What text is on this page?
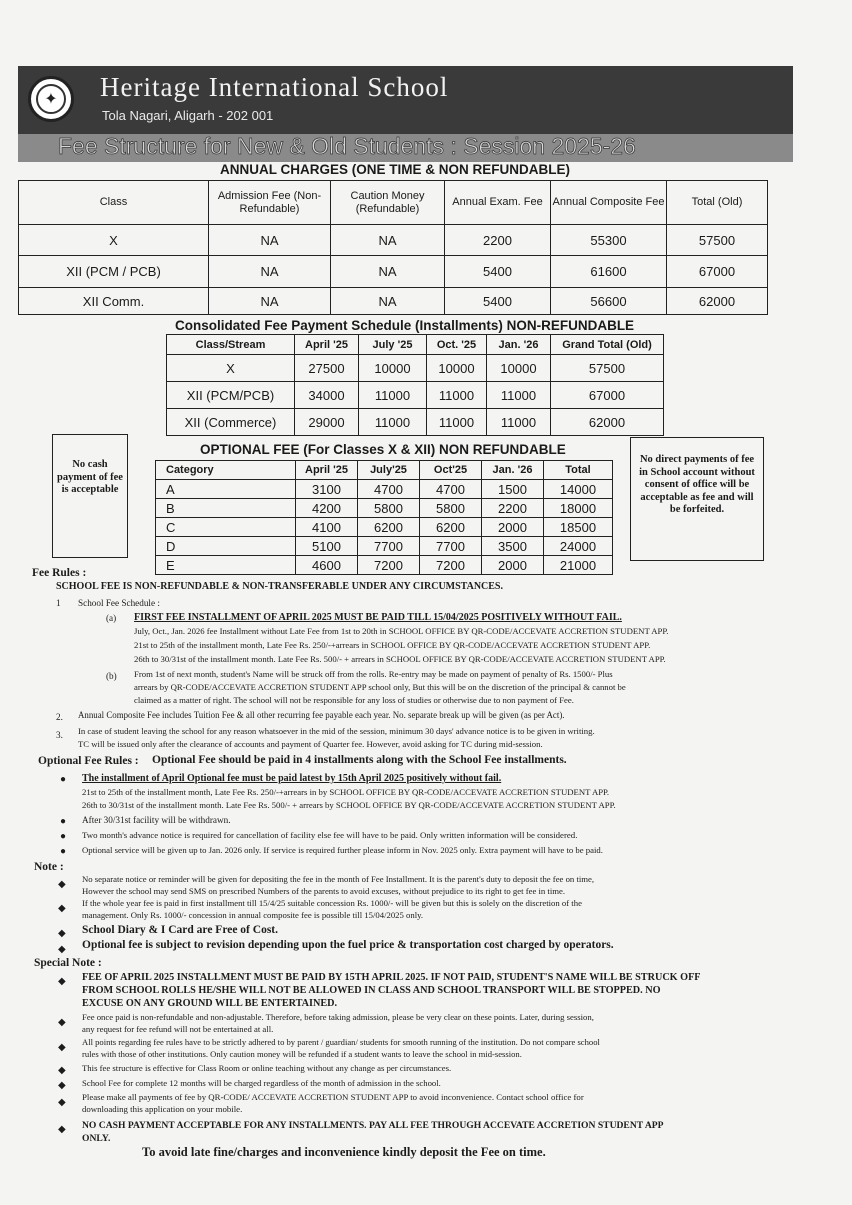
✦	Heritage International School
Tola Nagari, Aligarh - 202 001
Fee Structure for New & Old Students : Session 2025-26
ANNUAL CHARGES (ONE TIME & NON REFUNDABLE)
Class	Admission Fee (Non-Refundable)	Caution Money (Refundable)	Annual Exam. Fee	Annual Composite Fee	Total (Old)
X	NA	NA	2200	55300	57500
XII (PCM / PCB)	NA	NA	5400	61600	67000
XII Comm.	NA	NA	5400	56600	62000
Consolidated Fee Payment Schedule (Installments) NON-REFUNDABLE
Class/Stream	April '25	July '25	Oct. '25	Jan. '26	Grand Total (Old)
X	27500	10000	10000	10000	57500
XII (PCM/PCB)	34000	11000	11000	11000	67000
XII (Commerce)	29000	11000	11000	11000	62000
No cash payment of fee is acceptable
No direct payments of fee in School account without consent of office will be acceptable as fee and will be forfeited.
OPTIONAL FEE (For Classes X & XII) NON REFUNDABLE
Category	April '25	July'25	Oct'25	Jan. '26	Total
A	3100	4700	4700	1500	14000
B	4200	5800	5800	2200	18000
C	4100	6200	6200	2000	18500
D	5100	7700	7700	3500	24000
E	4600	7200	7200	2000	21000
Fee Rules :
SCHOOL FEE IS NON-REFUNDABLE & NON-TRANSFERABLE UNDER ANY CIRCUMSTANCES.
1 School Fee Schedule :
(a) FIRST FEE INSTALLMENT OF APRIL 2025 MUST BE PAID TILL 15/04/2025 POSITIVELY WITHOUT FAIL.
July, Oct., Jan. 2026 fee Installment without Late Fee from 1st to 20th in SCHOOL OFFICE BY QR-CODE/ACCEVATE ACCRETION STUDENT APP.
21st to 25th of the installment month, Late Fee Rs. 250/-+arrears in SCHOOL OFFICE BY QR-CODE/ACCEVATE ACCRETION STUDENT APP.
26th to 30/31st of the installment month. Late Fee Rs. 500/- + arrears in SCHOOL OFFICE BY QR-CODE/ACCEVATE ACCRETION STUDENT APP.
(b) From 1st of next month, student's Name will be struck off from the rolls. Re-entry may be made on payment of penalty of Rs. 1500/- Plus
arrears by QR-CODE/ACCEVATE ACCRETION STUDENT APP school only, But this will be on the discretion of the principal & cannot be
claimed as a matter of right. The school will not be responsible for any loss of studies or otherwise due to non payment of Fee.
2. Annual Composite Fee includes Tuition Fee & all other recurring fee payable each year. No. separate break up will be given (as per Act).
3. In case of student leaving the school for any reason whatsoever in the mid of the session, minimum 30 days' advance notice is to be given in writing.
TC will be issued only after the clearance of accounts and payment of Quarter fee. However, avoid asking for TC during mid-session.
Optional Fee Rules : Optional Fee should be paid in 4 installments along with the School Fee installments.
● The installment of April Optional fee must be paid latest by 15th April 2025 positively without fail.
21st to 25th of the installment month, Late Fee Rs. 250/-+arrears in by SCHOOL OFFICE BY QR-CODE/ACCEVATE ACCRETION STUDENT APP.
26th to 30/31st of the installment month. Late Fee Rs. 500/- + arrears by SCHOOL OFFICE BY QR-CODE/ACCEVATE ACCRETION STUDENT APP.
● After 30/31st facility will be withdrawn.
● Two month's advance notice is required for cancellation of facility else fee will have to be paid. Only written information will be considered.
● Optional service will be given up to Jan. 2026 only. If service is required further please inform in Nov. 2025 only. Extra payment will have to be paid.
Note :
◆ No separate notice or reminder will be given for depositing the fee in the month of Fee Installment. It is the parent's duty to deposit the fee on time,
However the school may send SMS on prescribed Numbers of the parents to avoid excuses, without prejudice to its right to get fee in time.
◆ If the whole year fee is paid in first installment till 15/4/25 suitable concession Rs. 1000/- will be given but this is solely on the discretion of the
management. Only Rs. 1000/- concession in annual composite fee is possible till 15/04/2025 only.
◆ School Diary & I Card are Free of Cost.
◆ Optional fee is subject to revision depending upon the fuel price & transportation cost charged by operators.
Special Note :
◆ FEE OF APRIL 2025 INSTALLMENT MUST BE PAID BY 15TH APRIL 2025. IF NOT PAID, STUDENT'S NAME WILL BE STRUCK OFF
FROM SCHOOL ROLLS HE/SHE WILL NOT BE ALLOWED IN CLASS AND SCHOOL TRANSPORT WILL BE STOPPED. NO
EXCUSE ON ANY GROUND WILL BE ENTERTAINED.
◆ Fee once paid is non-refundable and non-adjustable. Therefore, before taking admission, please be very clear on these points. Later, during session,
any request for fee refund will not be entertained at all.
◆ All points regarding fee rules have to be strictly adhered to by parent / guardian/ students for smooth running of the institution. Do not compare school
rules with those of other institutions. Only caution money will be refunded if a student wants to leave the school in mid-session.
◆ This fee structure is effective for Class Room or online teaching without any change as per circumstances.
◆ School Fee for complete 12 months will be charged regardless of the month of admission in the school.
◆ Please make all payments of fee by QR-CODE/ ACCEVATE ACCRETION STUDENT APP to avoid inconvenience. Contact school office for
downloading this application on your mobile.
◆ NO CASH PAYMENT ACCEPTABLE FOR ANY INSTALLMENTS. PAY ALL FEE THROUGH ACCEVATE ACCRETION STUDENT APP
ONLY.
To avoid late fine/charges and inconvenience kindly deposit the Fee on time.
